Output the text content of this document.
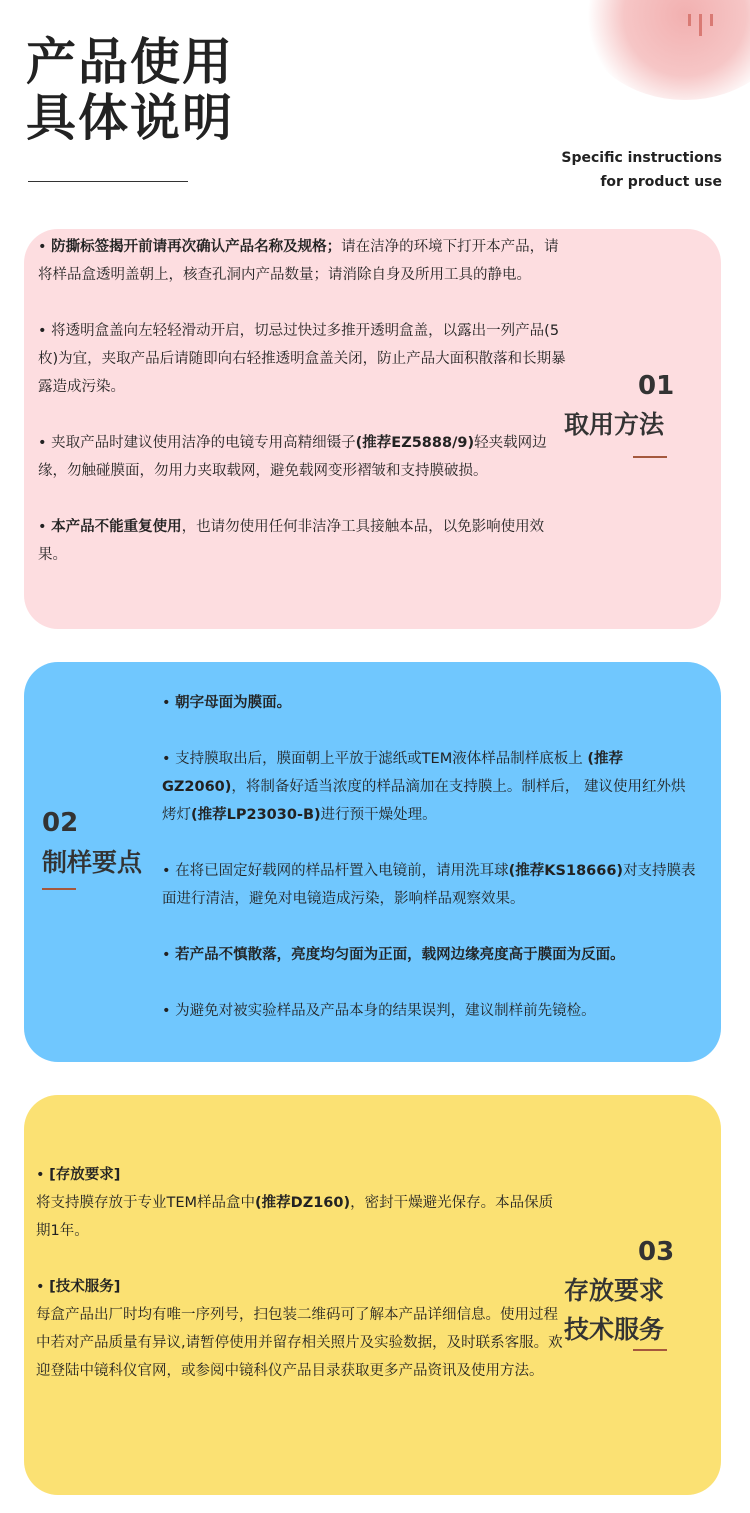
产品使用
具体说明
Specific instructions
for product use

• 防撕标签揭开前请再次确认产品名称及规格；请在洁净的环境下打开本产品，请将样品盒透明盖朝上，核查孔洞内产品数量；请消除自身及所用工具的静电。

• 将透明盒盖向左轻轻滑动开启，切忌过快过多推开透明盒盖，以露出一列产品(5枚)为宜，夹取产品后请随即向右轻推透明盒盖关闭，防止产品大面积散落和长期暴露造成污染。

• 夹取产品时建议使用洁净的电镜专用高精细镊子(推荐EZ5888/9)轻夹载网边缘，勿触碰膜面，勿用力夹取载网，避免载网变形褶皱和支持膜破损。

• 本产品不能重复使用，也请勿使用任何非洁净工具接触本品，以免影响使用效果。

01
取用方法
02
制样要点

• 朝字母面为膜面。

• 支持膜取出后，膜面朝上平放于滤纸或TEM液体样品制样底板上 (推荐GZ2060)，将制备好适当浓度的样品滴加在支持膜上。制样后， 建议使用红外烘烤灯(推荐LP23030-B)进行预干燥处理。

• 在将已固定好载网的样品杆置入电镜前，请用洗耳球(推荐KS18666)对支持膜表面进行清洁，避免对电镜造成污染，影响样品观察效果。

• 若产品不慎散落，亮度均匀面为正面，载网边缘亮度高于膜面为反面。

• 为避免对被实验样品及产品本身的结果误判，建议制样前先镜检。

• [存放要求]

将支持膜存放于专业TEM样品盒中(推荐DZ160)，密封干燥避光保存。本品保质期1年。

• [技术服务]

每盒产品出厂时均有唯一序列号，扫包装二维码可了解本产品详细信息。使用过程中若对产品质量有异议,请暂停使用并留存相关照片及实验数据，及时联系客服。欢迎登陆中镜科仪官网，或参阅中镜科仪产品目录获取更多产品资讯及使用方法。

03
存放要求
技术服务
